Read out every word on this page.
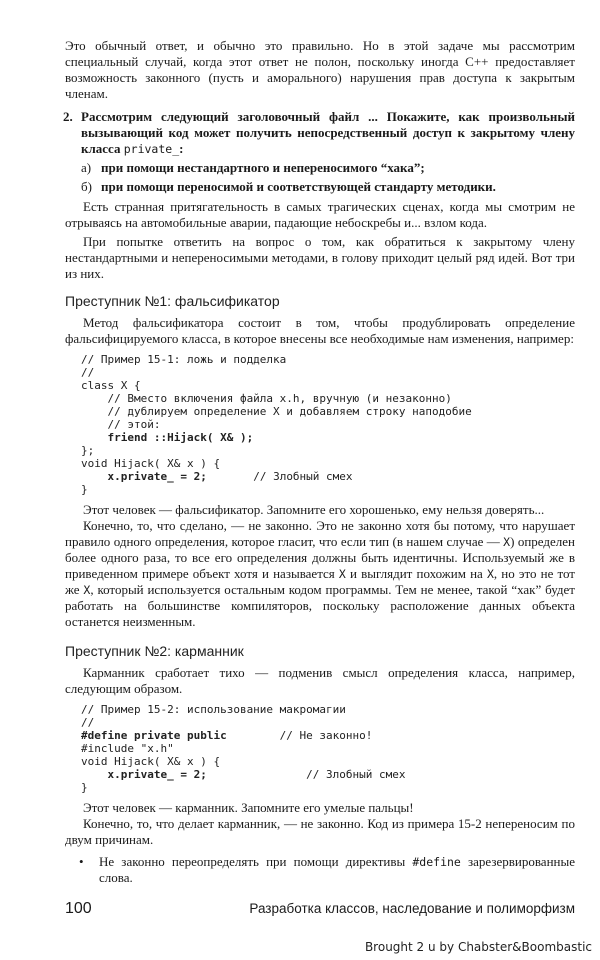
Это обычный ответ, и обычно это правильно. Но в этой задаче мы рассмотрим специальный случай, когда этот ответ не полон, поскольку иногда C++ предоставляет возможность законного (пусть и аморального) нарушения прав доступа к закрытым членам.

2. Рассмотрим следующий заголовочный файл ... Покажите, как произвольный вызывающий код может получить непосредственный доступ к закрытому члену класса private_:
а) при помощи нестандартного и непереносимого “хака”;
б) при помощи переносимой и соответствующей стандарту методики.

Есть странная притягательность в самых трагических сценах, когда мы смотрим не отрываясь на автомобильные аварии, падающие небоскребы и... взлом кода.

При попытке ответить на вопрос о том, как обратиться к закрытому члену нестандартными и непереносимыми методами, в голову приходит целый ряд идей. Вот три из них.

Преступник №1: фальсификатор

Метод фальсификатора состоит в том, чтобы продублировать определение фальсифицируемого класса, в которое внесены все необходимые нам изменения, например:

// Пример 15-1: ложь и подделка
//
class X {
// Вместо включения файла x.h, вручную (и незаконно)
// дублируем определение X и добавляем строку наподобие
// этой:
friend ::Hijack( X& );
};
void Hijack( X& x ) {
x.private_ = 2;       // Злобный смех
}

Этот человек — фальсификатор. Запомните его хорошенько, ему нельзя доверять...

Конечно, то, что сделано, — не законно. Это не законно хотя бы потому, что нарушает правило одного определения, которое гласит, что если тип (в нашем случае — X) определен более одного раза, то все его определения должны быть идентичны. Используемый же в приведенном примере объект хотя и называется X и выглядит похожим на X, но это не тот же X, который используется остальным кодом программы. Тем не менее, такой “хак” будет работать на большинстве компиляторов, поскольку расположение данных объекта останется неизменным.

Преступник №2: карманник

Карманник сработает тихо — подменив смысл определения класса, например, следующим образом.

// Пример 15-2: использование макромагии
//
#define private public        // Не законно!
#include "x.h"
void Hijack( X& x ) {
x.private_ = 2;               // Злобный смех
}

Этот человек — карманник. Запомните его умелые пальцы!

Конечно, то, что делает карманник, — не законно. Код из примера 15-2 непереносим по двум причинам.

•	Не законно переопределять при помощи директивы #define зарезервированные слова.
100	Разработка классов, наследование и полиморфизм
Brought 2 u by Chabster&Boombastic
